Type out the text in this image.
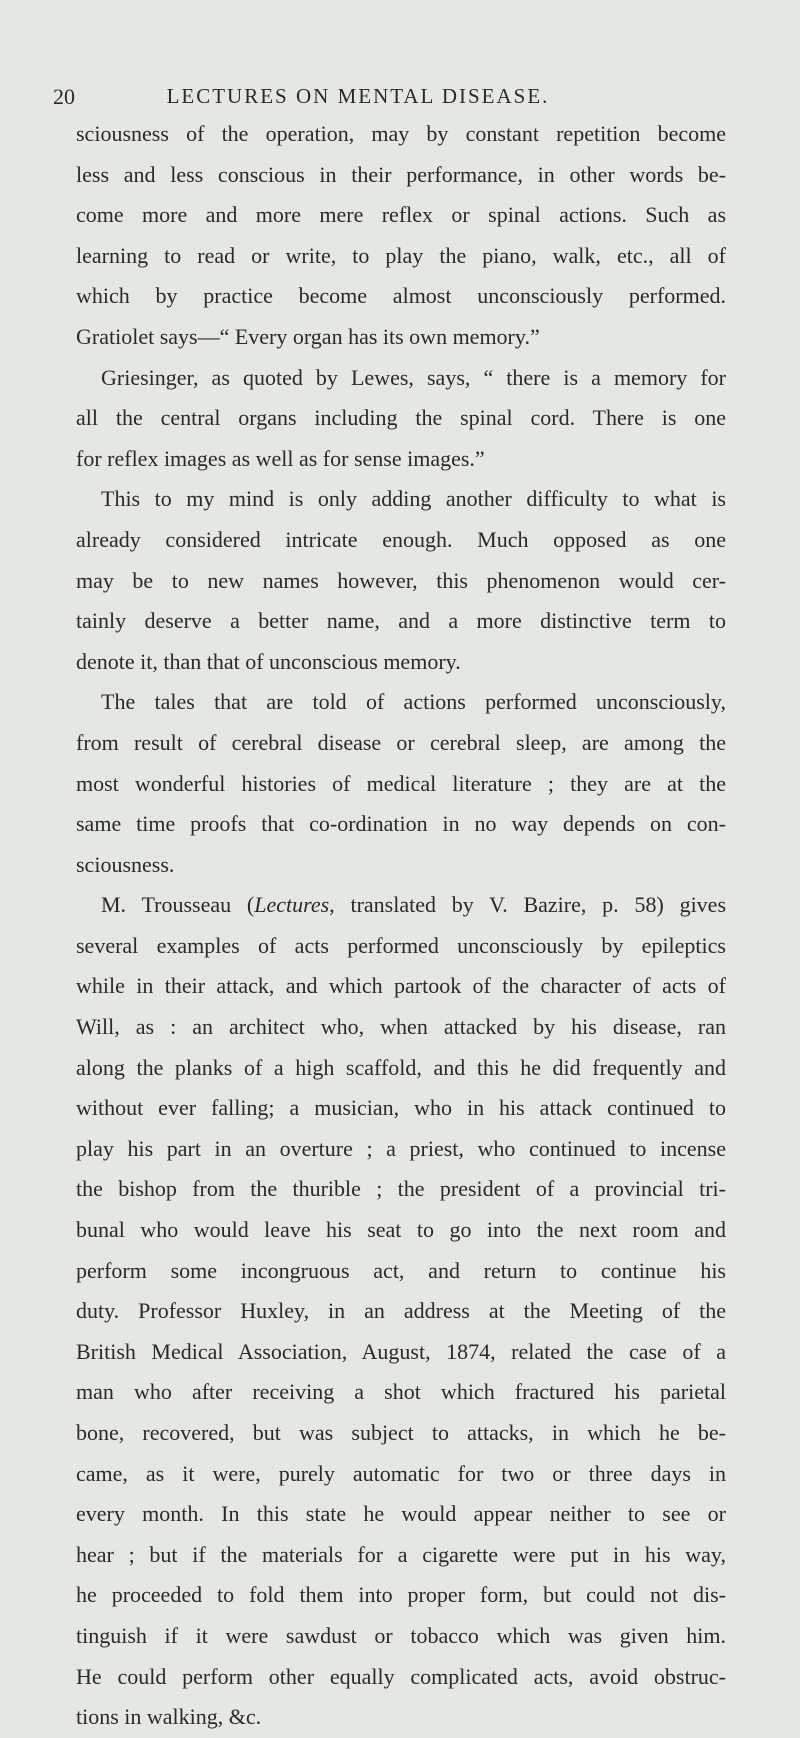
20	LECTURES ON MENTAL DISEASE.
sciousness of the operation, may by constant repetition become
less and less conscious in their performance, in other words be-
come more and more mere reflex or spinal actions. Such as
learning to read or write, to play the piano, walk, etc., all of
which by practice become almost unconsciously performed.
Gratiolet says—“ Every organ has its own memory.”
Griesinger, as quoted by Lewes, says, “ there is a memory for
all the central organs including the spinal cord. There is one
for reflex images as well as for sense images.”
This to my mind is only adding another difficulty to what is
already considered intricate enough. Much opposed as one
may be to new names however, this phenomenon would cer-
tainly deserve a better name, and a more distinctive term to
denote it, than that of unconscious memory.
The tales that are told of actions performed unconsciously,
from result of cerebral disease or cerebral sleep, are among the
most wonderful histories of medical literature ; they are at the
same time proofs that co-ordination in no way depends on con-
sciousness.
M. Trousseau (Lectures, translated by V. Bazire, p. 58) gives
several examples of acts performed unconsciously by epileptics
while in their attack, and which partook of the character of acts of
Will, as : an architect who, when attacked by his disease, ran
along the planks of a high scaffold, and this he did frequently and
without ever falling; a musician, who in his attack continued to
play his part in an overture ; a priest, who continued to incense
the bishop from the thurible ; the president of a provincial tri-
bunal who would leave his seat to go into the next room and
perform some incongruous act, and return to continue his
duty. Professor Huxley, in an address at the Meeting of the
British Medical Association, August, 1874, related the case of a
man who after receiving a shot which fractured his parietal
bone, recovered, but was subject to attacks, in which he be-
came, as it were, purely automatic for two or three days in
every month. In this state he would appear neither to see or
hear ; but if the materials for a cigarette were put in his way,
he proceeded to fold them into proper form, but could not dis-
tinguish if it were sawdust or tobacco which was given him.
He could perform other equally complicated acts, avoid obstruc-
tions in walking, &c.
